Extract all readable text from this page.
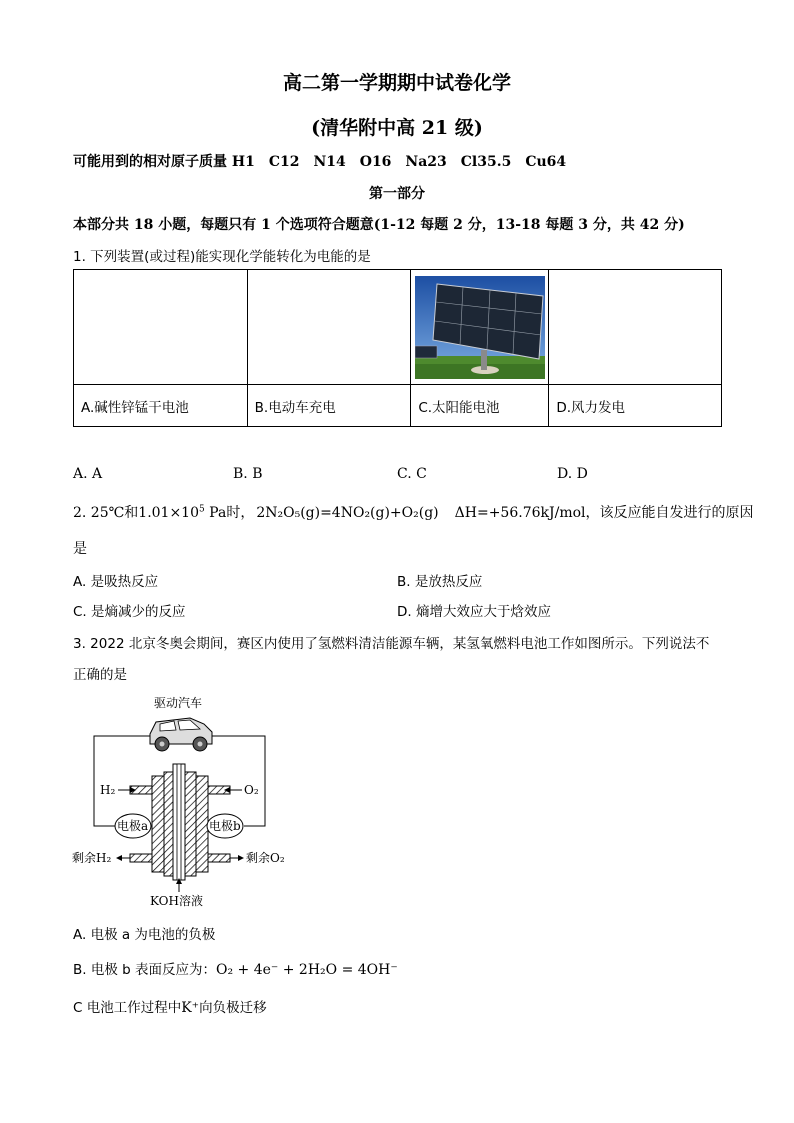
高二第一学期期中试卷化学
(清华附中高 21 级)
可能用到的相对原子质量 H1　C12　N14　O16　Na23　Cl35.5　Cu64
第一部分
本部分共 18 小题，每题只有 1 个选项符合题意(1-12 每题 2 分，13-18 每题 3 分，共 42 分)
1. 下列装置(或过程)能实现化学能转化为电能的是

A.碱性锌锰干电池	B.电动车充电	C.太阳能电池	D.风力发电
A. A	B. B	C. C	D. D
2. 25℃和$1.01\times 10^5$ Pa时， 2N₂O₅(g)=4NO₂(g)+O₂(g) ΔH=+56.76kJ/mol，该反应能自发进行的原因
是
A. 是吸热反应	B. 是放热反应
C. 是熵减少的反应	D. 熵增大效应大于焓效应
3. 2022 北京冬奥会期间，赛区内使用了氢燃料清洁能源车辆，某氢氧燃料电池工作如图所示。下列说法不
正确的是
驱动汽车
电极a	电极b
H₂	O₂
剩余H₂	剩余O₂
KOH溶液
A. 电极 a 为电池的负极
B. 电极 b 表面反应为：O₂ + 4e⁻ + 2H₂O = 4OH⁻
C 电池工作过程中K⁺向负极迁移
